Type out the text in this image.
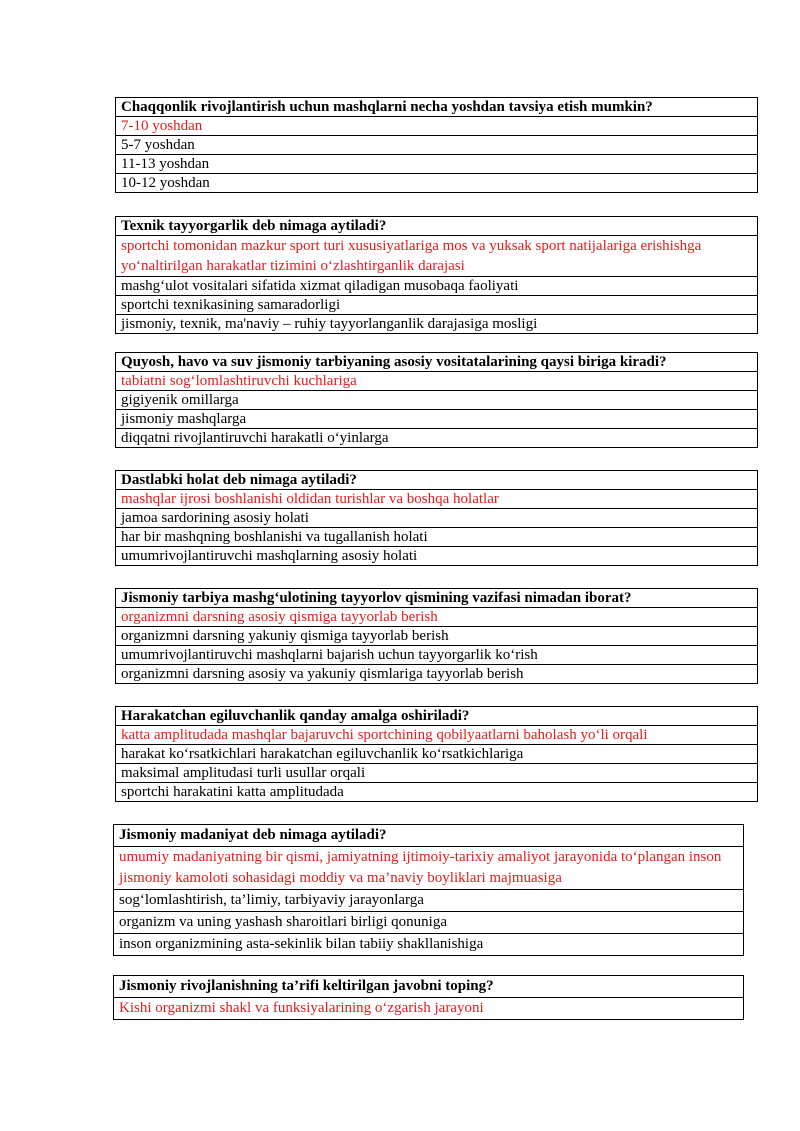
Chaqqonlik rivojlantirish uchun mashqlarni necha yoshdan tavsiya etish mumkin?
7-10 yoshdan
5-7 yoshdan
11-13 yoshdan
10-12 yoshdan
Texnik tayyorgarlik deb nimaga aytiladi?
sportchi tomonidan mazkur sport turi xususiyatlariga mos va yuksak sport natijalariga erishishga yo‘naltirilgan harakatlar tizimini o‘zlashtirganlik darajasi
mashg‘ulot vositalari sifatida xizmat qiladigan musobaqa faoliyati
sportchi texnikasining samaradorligi
jismoniy, texnik, ma'naviy – ruhiy tayyorlanganlik darajasiga mosligi
Quyosh, havo va suv jismoniy tarbiyaning asosiy vositatalarining qaysi biriga kiradi?
tabiatni sog‘lomlashtiruvchi kuchlariga
gigiyenik omillarga
jismoniy mashqlarga
diqqatni rivojlantiruvchi harakatli o‘yinlarga
Dastlabki holat deb nimaga aytiladi?
mashqlar ijrosi boshlanishi oldidan turishlar va boshqa holatlar
jamoa sardorining asosiy holati
har bir mashqning boshlanishi va tugallanish holati
umumrivojlantiruvchi mashqlarning asosiy holati
Jismoniy tarbiya mashg‘ulotining tayyorlov qismining vazifasi nimadan iborat?
organizmni darsning asosiy qismiga tayyorlab berish
organizmni darsning yakuniy qismiga tayyorlab berish
umumrivojlantiruvchi mashqlarni bajarish uchun tayyorgarlik ko‘rish
organizmni darsning asosiy va yakuniy qismlariga tayyorlab berish
Harakatchan egiluvchanlik qanday amalga oshiriladi?
katta amplitudada mashqlar bajaruvchi sportchining qobilyaatlarni baholash yo‘li orqali
harakat ko‘rsatkichlari harakatchan egiluvchanlik ko‘rsatkichlariga
maksimal amplitudasi turli usullar orqali
sportchi harakatini katta amplitudada
Jismoniy madaniyat deb nimaga aytiladi?
umumiy madaniyatning bir qismi, jamiyatning ijtimoiy-tarixiy amaliyot jarayonida to‘plangan inson jismoniy kamoloti sohasidagi moddiy va ma’naviy boyliklari majmuasiga
sog‘lomlashtirish, ta’limiy, tarbiyaviy jarayonlarga
organizm va uning yashash sharoitlari birligi qonuniga
inson organizmining asta-sekinlik bilan tabiiy shakllanishiga
Jismoniy rivojlanishning ta’rifi keltirilgan javobni toping?
Kishi organizmi shakl va funksiyalarining o‘zgarish jarayoni
